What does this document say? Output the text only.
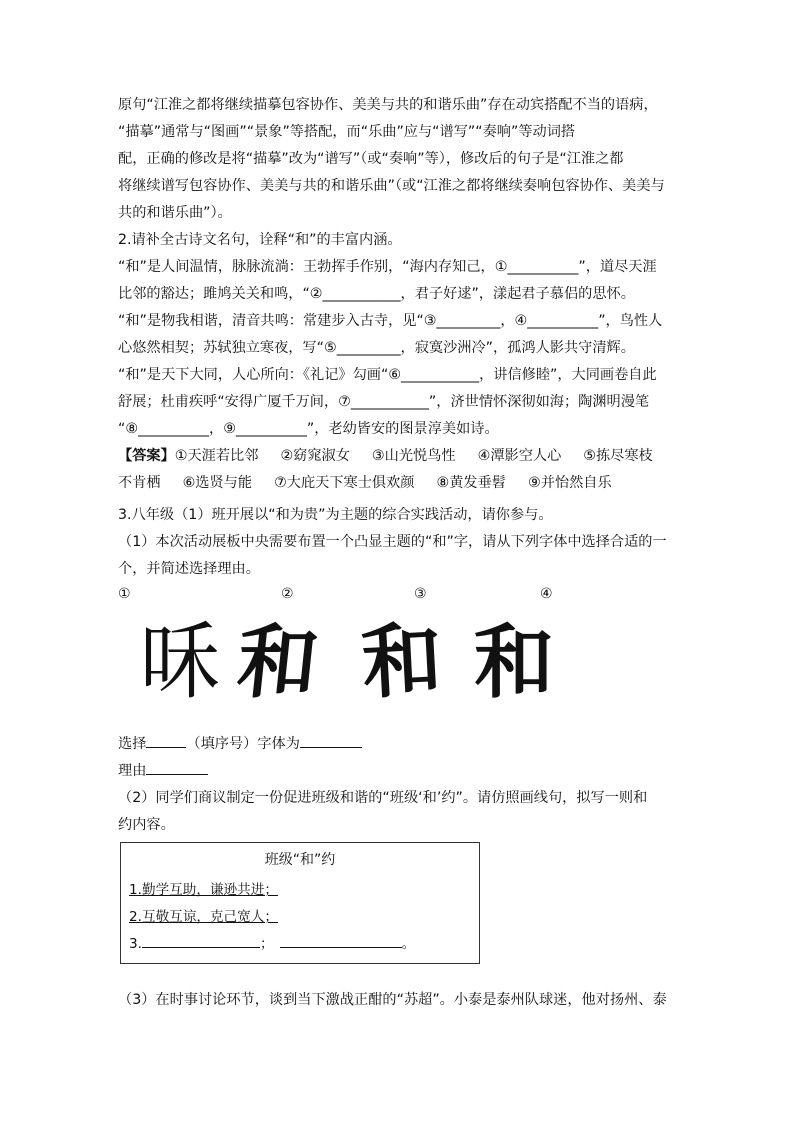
原句“江淮之都将继续描摹包容协作、美美与共的和谐乐曲”存在动宾搭配不当的语病，
“描摹”通常与“图画”“景象”等搭配，而“乐曲”应与“谱写”“奏响”等动词搭
配，正确的修改是将“描摹”改为“谱写”（或“奏响”等），修改后的句子是“江淮之都
将继续谱写包容协作、美美与共的和谐乐曲”（或“江淮之都将继续奏响包容协作、美美与
共的和谐乐曲”）。
2.请补全古诗文名句，诠释“和”的丰富内涵。
“和”是人间温情，脉脉流淌：王勃挥手作别，“海内存知己，①__________”，道尽天涯
比邻的豁达；雎鸠关关和鸣，“②___________，君子好逑”，漾起君子慕侣的思怀。
“和”是物我相谐，清音共鸣：常建步入古寺，见“③_________，④__________”，鸟性人
心悠然相契；苏轼独立寒夜，写“⑤_________，寂寞沙洲冷”，孤鸿人影共守清辉。
“和”是天下大同，人心所向：《礼记》勾画“⑥___________，讲信修睦”，大同画卷自此
舒展；杜甫疾呼“安得广厦千万间，⑦___________”，济世情怀深彻如海；陶渊明漫笔
“⑧__________，⑨__________”，老幼皆安的图景淳美如诗。
【答案】①天涯若比邻 ②窈窕淑女 ③山光悦鸟性 ④潭影空人心 ⑤拣尽寒枝
不肯栖 ⑥选贤与能 ⑦大庇天下寒士俱欢颜 ⑧黄发垂髫 ⑨并怡然自乐
3.八年级（1）班开展以“和为贵”为主题的综合实践活动，请你参与。
（1）本次活动展板中央需要布置一个凸显主题的“和”字，请从下列字体中选择合适的一
个，并简述选择理由。
①	②	③	④
咊 和 和 和
选择	（填序号）字体为
理由
（2）同学们商议制定一份促进班级和谐的“班级‘和’约”。请仿照画线句，拟写一则和
约内容。
班级“和”约
1.勤学互助，谦逊共进；
2.互敬互谅，克己宽人；
3.	；	。
（3）在时事讨论环节，谈到当下激战正酣的“苏超”。小泰是泰州队球迷，他对扬州、泰
